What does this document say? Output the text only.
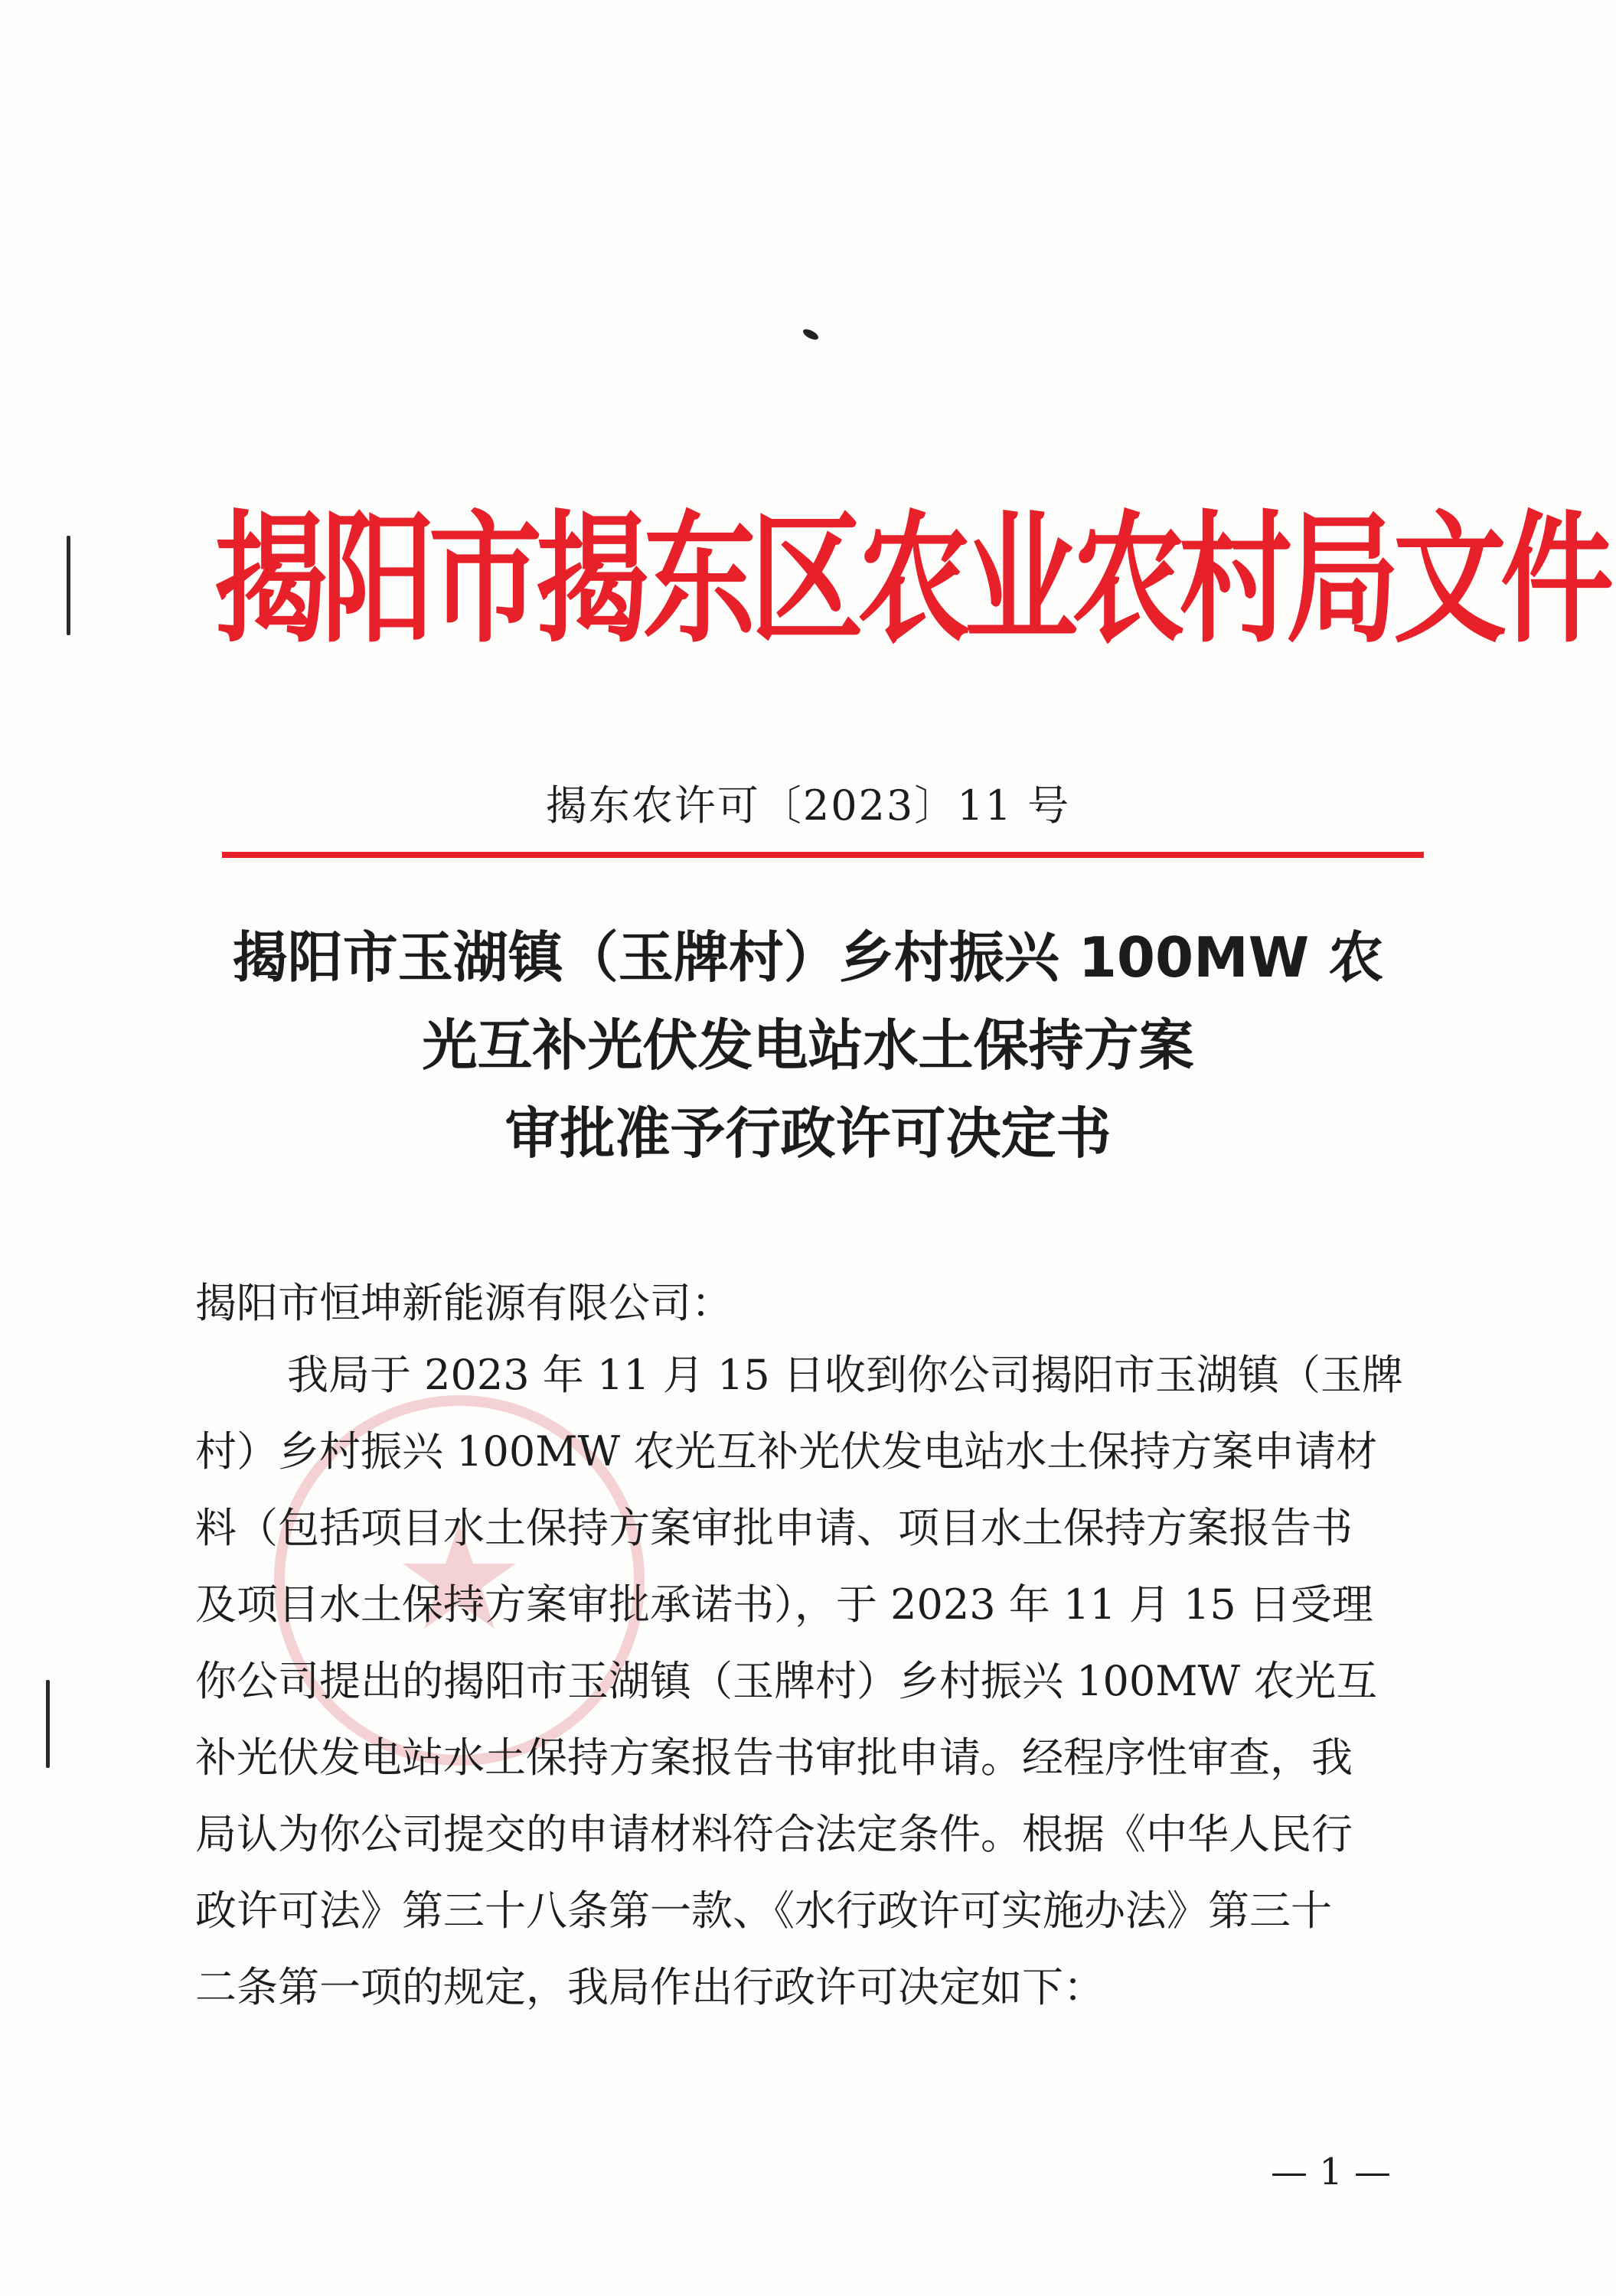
揭阳市揭东区农业农村局文件
揭东农许可〔2023〕11 号
揭阳市玉湖镇（玉牌村）乡村振兴 100MW 农
光互补光伏发电站水土保持方案
审批准予行政许可决定书
揭阳市恒坤新能源有限公司：
我局于 2023 年 11 月 15 日收到你公司揭阳市玉湖镇（玉牌
村）乡村振兴 100MW 农光互补光伏发电站水土保持方案申请材
料（包括项目水土保持方案审批申请、项目水土保持方案报告书
及项目水土保持方案审批承诺书），于 2023 年 11 月 15 日受理
你公司提出的揭阳市玉湖镇（玉牌村）乡村振兴 100MW 农光互
补光伏发电站水土保持方案报告书审批申请。经程序性审查，我
局认为你公司提交的申请材料符合法定条件。根据《中华人民行
政许可法》第三十八条第一款、《水行政许可实施办法》第三十
二条第一项的规定，我局作出行政许可决定如下：
— 1 —
